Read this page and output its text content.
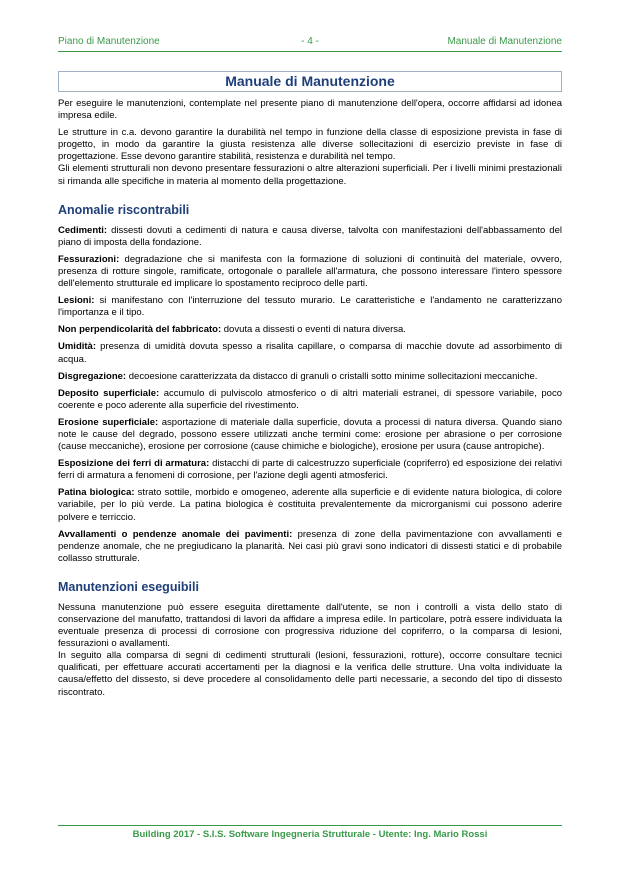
Piano di Manutenzione	- 4 -	Manuale di Manutenzione
Manuale di Manutenzione

Per eseguire le manutenzioni, contemplate nel presente piano di manutenzione dell'opera, occorre affidarsi ad idonea impresa edile.

Le strutture in c.a. devono garantire la durabilità nel tempo in funzione della classe di esposizione prevista in fase di progetto, in modo da garantire la giusta resistenza alle diverse sollecitazioni di esercizio previste in fase di progettazione. Esse devono garantire stabilità, resistenza e durabilità nel tempo.

Gli elementi strutturali non devono presentare fessurazioni o altre alterazioni superficiali. Per i livelli minimi prestazionali si rimanda alle specifiche in materia al momento della progettazione.

Anomalie riscontrabili

Cedimenti: dissesti dovuti a cedimenti di natura e causa diverse, talvolta con manifestazioni dell'abbassamento del piano di imposta della fondazione.

Fessurazioni: degradazione che si manifesta con la formazione di soluzioni di continuità del materiale, ovvero, presenza di rotture singole, ramificate, ortogonale o parallele all'armatura, che possono interessare l'intero spessore dell'elemento strutturale ed implicare lo spostamento reciproco delle parti.

Lesioni: si manifestano con l'interruzione del tessuto murario. Le caratteristiche e l'andamento ne caratterizzano l'importanza e il tipo.

Non perpendicolarità del fabbricato: dovuta a dissesti o eventi di natura diversa.

Umidità: presenza di umidità dovuta spesso a risalita capillare, o comparsa di macchie dovute ad assorbimento di acqua.

Disgregazione: decoesione caratterizzata da distacco di granuli o cristalli sotto minime sollecitazioni meccaniche.

Deposito superficiale: accumulo di pulviscolo atmosferico o di altri materiali estranei, di spessore variabile, poco coerente e poco aderente alla superficie del rivestimento.

Erosione superficiale: asportazione di materiale dalla superficie, dovuta a processi di natura diversa. Quando siano note le cause del degrado, possono essere utilizzati anche termini come: erosione per abrasione o per corrosione (cause meccaniche), erosione per corrosione (cause chimiche e biologiche), erosione per usura (cause antropiche).

Esposizione dei ferri di armatura: distacchi di parte di calcestruzzo superficiale (copriferro) ed esposizione dei relativi ferri di armatura a fenomeni di corrosione, per l'azione degli agenti atmosferici.

Patina biologica: strato sottile, morbido e omogeneo, aderente alla superficie e di evidente natura biologica, di colore variabile, per lo più verde. La patina biologica è costituita prevalentemente da microrganismi cui possono aderire polvere e terriccio.

Avvallamenti o pendenze anomale dei pavimenti: presenza di zone della pavimentazione con avvallamenti e pendenze anomale, che ne pregiudicano la planarità. Nei casi più gravi sono indicatori di dissesti statici e di probabile collasso strutturale.

Manutenzioni eseguibili

Nessuna manutenzione può essere eseguita direttamente dall'utente, se non i controlli a vista dello stato di conservazione del manufatto, trattandosi di lavori da affidare a impresa edile. In particolare, potrà essere individuata la eventuale presenza di processi di corrosione con progressiva riduzione del copriferro, o la comparsa di lesioni, fessurazioni o avallamenti.

In seguito alla comparsa di segni di cedimenti strutturali (lesioni, fessurazioni, rotture), occorre consultare tecnici qualificati, per effettuare accurati accertamenti per la diagnosi e la verifica delle strutture. Una volta individuate la causa/effetto del dissesto, si deve procedere al consolidamento delle parti necessarie, a secondo del tipo di dissesto riscontrato.

Building 2017 - S.I.S. Software Ingegneria Strutturale - Utente: Ing. Mario Rossi
